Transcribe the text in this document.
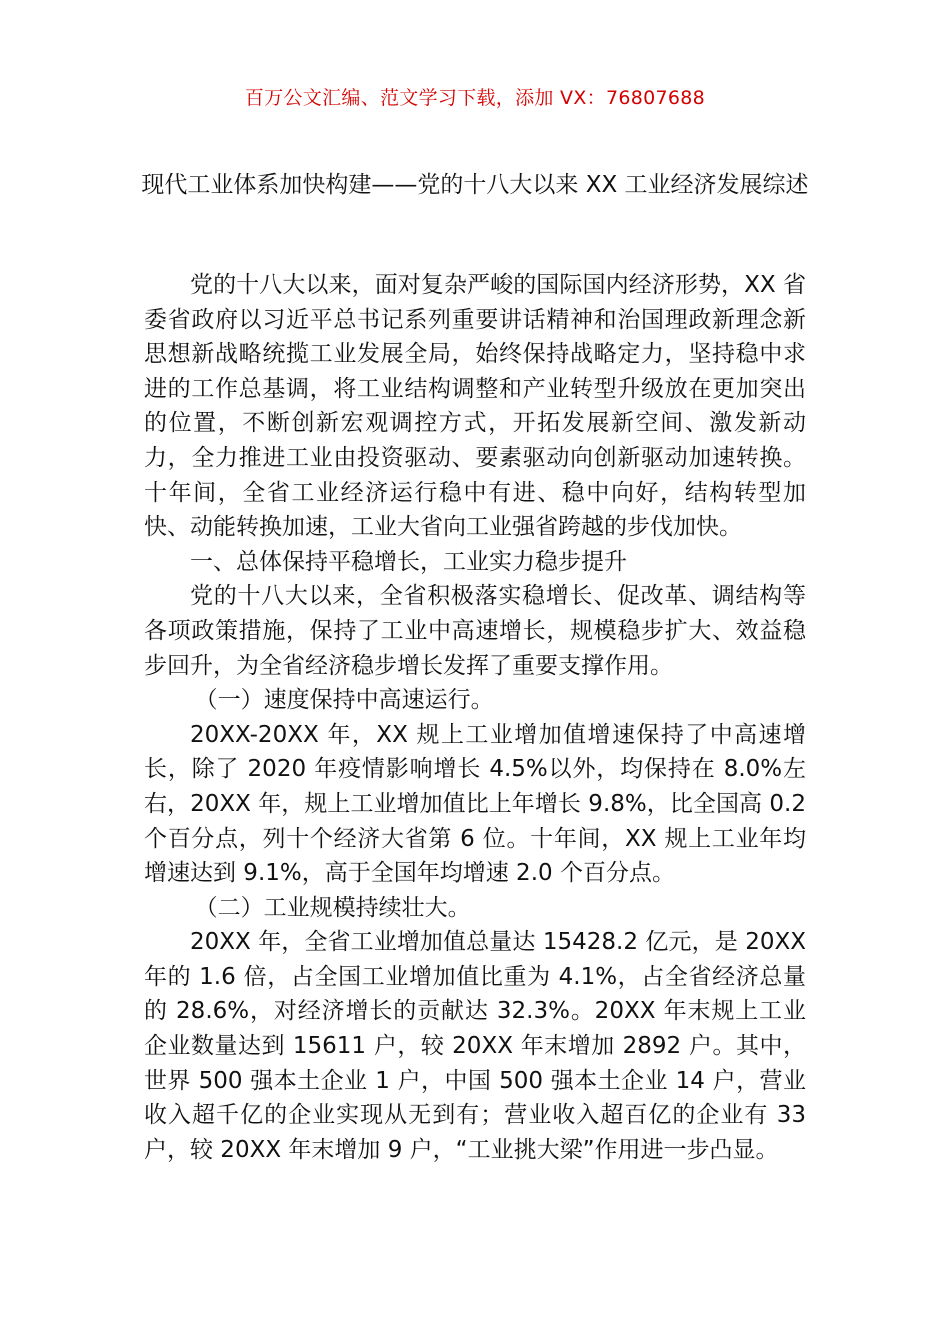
百万公文汇编、范文学习下载，添加 VX：76807688
现代工业体系加快构建——党的十八大以来 XX 工业经济发展综述

党的十八大以来，面对复杂严峻的国际国内经济形势，XX 省委省政府以习近平总书记系列重要讲话精神和治国理政新理念新思想新战略统揽工业发展全局，始终保持战略定力，坚持稳中求进的工作总基调，将工业结构调整和产业转型升级放在更加突出的位置，不断创新宏观调控方式，开拓发展新空间、激发新动力，全力推进工业由投资驱动、要素驱动向创新驱动加速转换。十年间，全省工业经济运行稳中有进、稳中向好，结构转型加快、动能转换加速，工业大省向工业强省跨越的步伐加快。

一、总体保持平稳增长，工业实力稳步提升

党的十八大以来，全省积极落实稳增长、促改革、调结构等各项政策措施，保持了工业中高速增长，规模稳步扩大、效益稳步回升，为全省经济稳步增长发挥了重要支撑作用。

（一）速度保持中高速运行。

20XX-20XX 年，XX 规上工业增加值增速保持了中高速增长，除了 2020 年疫情影响增长 4.5%以外，均保持在 8.0%左右，20XX 年，规上工业增加值比上年增长 9.8%，比全国高 0.2 个百分点，列十个经济大省第 6 位。十年间，XX 规上工业年均增速达到 9.1%，高于全国年均增速 2.0 个百分点。

（二）工业规模持续壮大。

20XX 年，全省工业增加值总量达 15428.2 亿元，是 20XX 年的 1.6 倍，占全国工业增加值比重为 4.1%，占全省经济总量的 28.6%，对经济增长的贡献达 32.3%。20XX 年末规上工业企业数量达到 15611 户，较 20XX 年末增加 2892 户。其中，世界 500 强本土企业 1 户，中国 500 强本土企业 14 户，营业收入超千亿的企业实现从无到有；营业收入超百亿的企业有 33 户，较 20XX 年末增加 9 户，“工业挑大梁”作用进一步凸显。
